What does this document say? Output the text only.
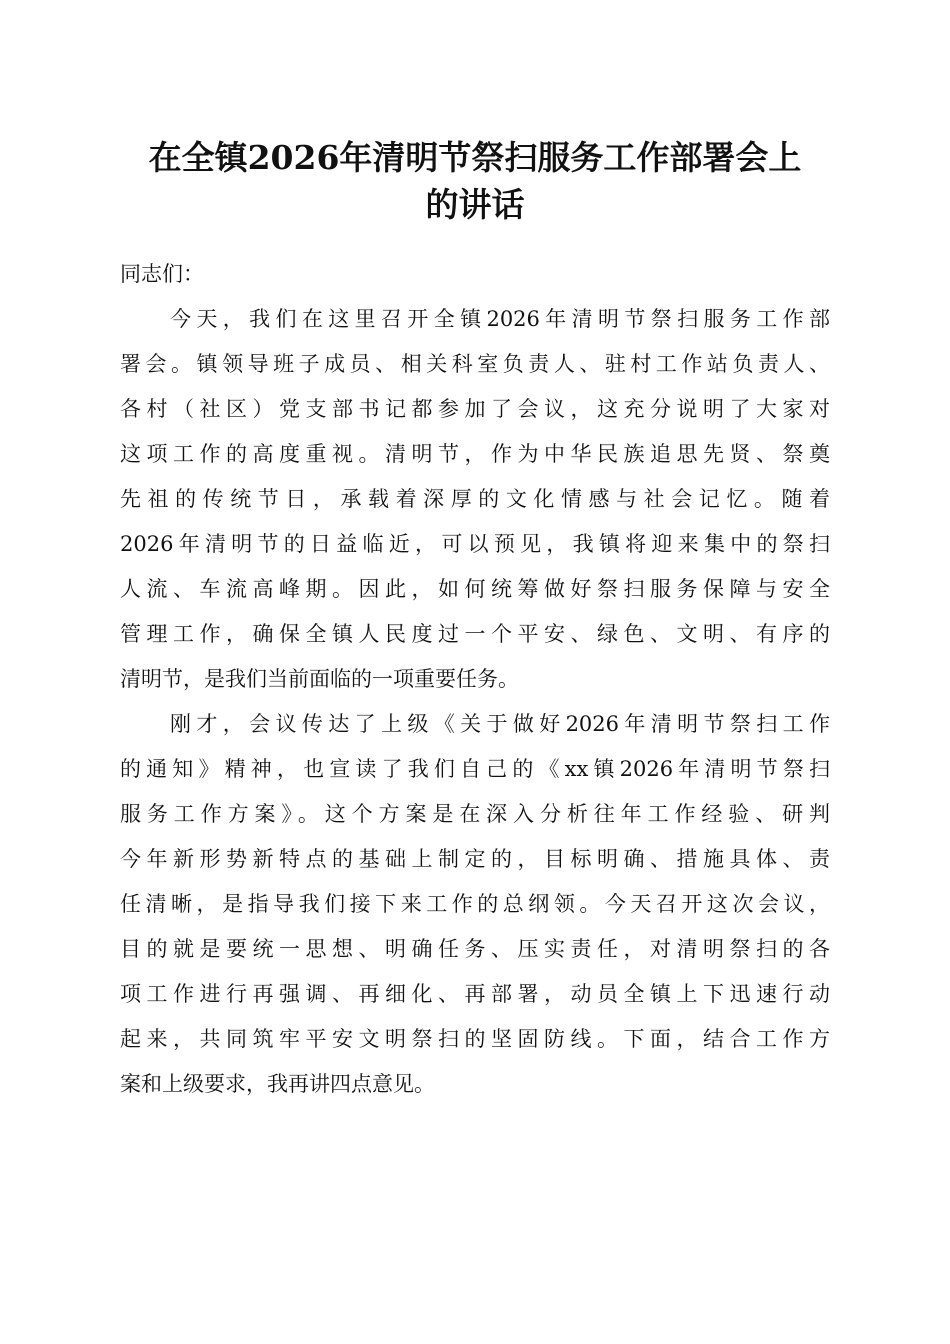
在全镇2026年清明节祭扫服务工作部署会上
的讲话

同志们：

今天，我们在这里召开全镇2026年清明节祭扫服务工作部
署会。镇领导班子成员、相关科室负责人、驻村工作站负责人、
各村（社区）党支部书记都参加了会议，这充分说明了大家对
这项工作的高度重视。清明节，作为中华民族追思先贤、祭奠
先祖的传统节日，承载着深厚的文化情感与社会记忆。随着
2026年清明节的日益临近，可以预见，我镇将迎来集中的祭扫
人流、车流高峰期。因此，如何统筹做好祭扫服务保障与安全
管理工作，确保全镇人民度过一个平安、绿色、文明、有序的
清明节，是我们当前面临的一项重要任务。

刚才，会议传达了上级《关于做好2026年清明节祭扫工作
的通知》精神，也宣读了我们自己的《xx镇2026年清明节祭扫
服务工作方案》。这个方案是在深入分析往年工作经验、研判
今年新形势新特点的基础上制定的，目标明确、措施具体、责
任清晰，是指导我们接下来工作的总纲领。今天召开这次会议，
目的就是要统一思想、明确任务、压实责任，对清明祭扫的各
项工作进行再强调、再细化、再部署，动员全镇上下迅速行动
起来，共同筑牢平安文明祭扫的坚固防线。下面，结合工作方
案和上级要求，我再讲四点意见。
